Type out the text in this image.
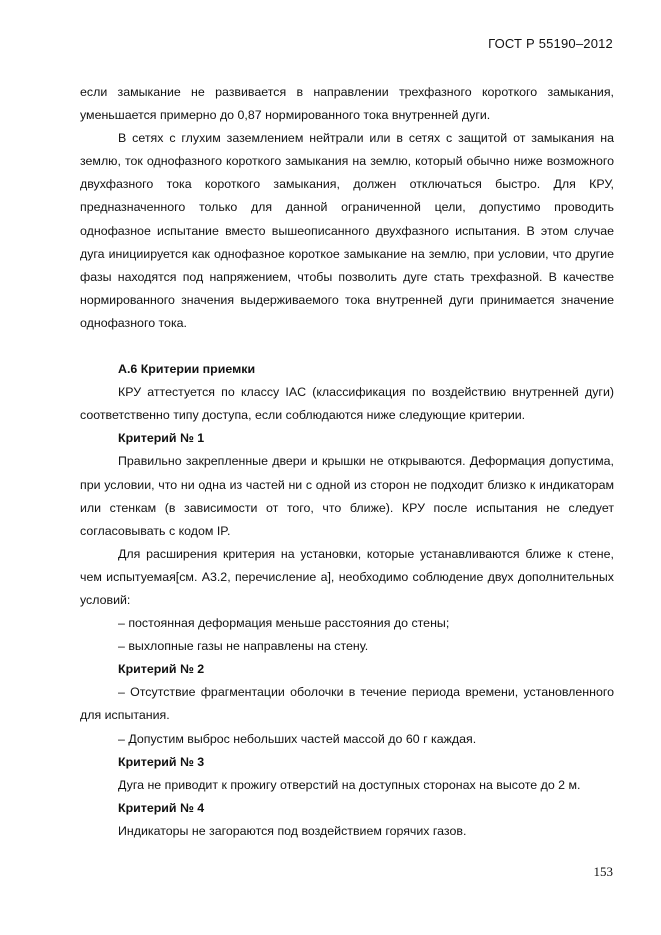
ГОСТ Р 55190–2012

если замыкание не развивается в направлении трехфазного короткого замыкания, уменьшается примерно до 0,87 нормированного тока внутренней дуги.

В сетях с глухим заземлением нейтрали или в сетях с защитой от замыкания на землю, ток однофазного короткого замыкания на землю, который обычно ниже возможного двухфазного тока короткого замыкания, должен отключаться быстро. Для КРУ, предназначенного только для данной ограниченной цели, допустимо проводить однофазное испытание вместо вышеописанного двухфазного испытания. В этом случае дуга инициируется как однофазное короткое замыкание на землю, при условии, что другие фазы находятся под напряжением, чтобы позволить дуге стать трехфазной. В качестве нормированного значения выдерживаемого тока внутренней дуги принимается значение однофазного тока.

А.6 Критерии приемки

КРУ аттестуется по классу IAC (классификация по воздействию внутренней дуги) соответственно типу доступа, если соблюдаются ниже следующие критерии.

Критерий № 1

Правильно закрепленные двери и крышки не открываются. Деформация допустима, при условии, что ни одна из частей ни с одной из сторон не подходит близко к индикаторам или стенкам (в зависимости от того, что ближе). КРУ после испытания не следует согласовывать с кодом IP.

Для расширения критерия на установки, которые устанавливаются ближе к стене, чем испытуемая[см. А3.2, перечисление а], необходимо соблюдение двух дополнительных условий:

– постоянная деформация меньше расстояния до стены;

– выхлопные газы не направлены на стену.

Критерий № 2

– Отсутствие фрагментации оболочки в течение периода времени, установленного для испытания.

– Допустим выброс небольших частей массой до 60 г каждая.

Критерий № 3

Дуга не приводит к прожигу отверстий на доступных сторонах на высоте до 2 м.

Критерий № 4

Индикаторы не загораются под воздействием горячих газов.

153
